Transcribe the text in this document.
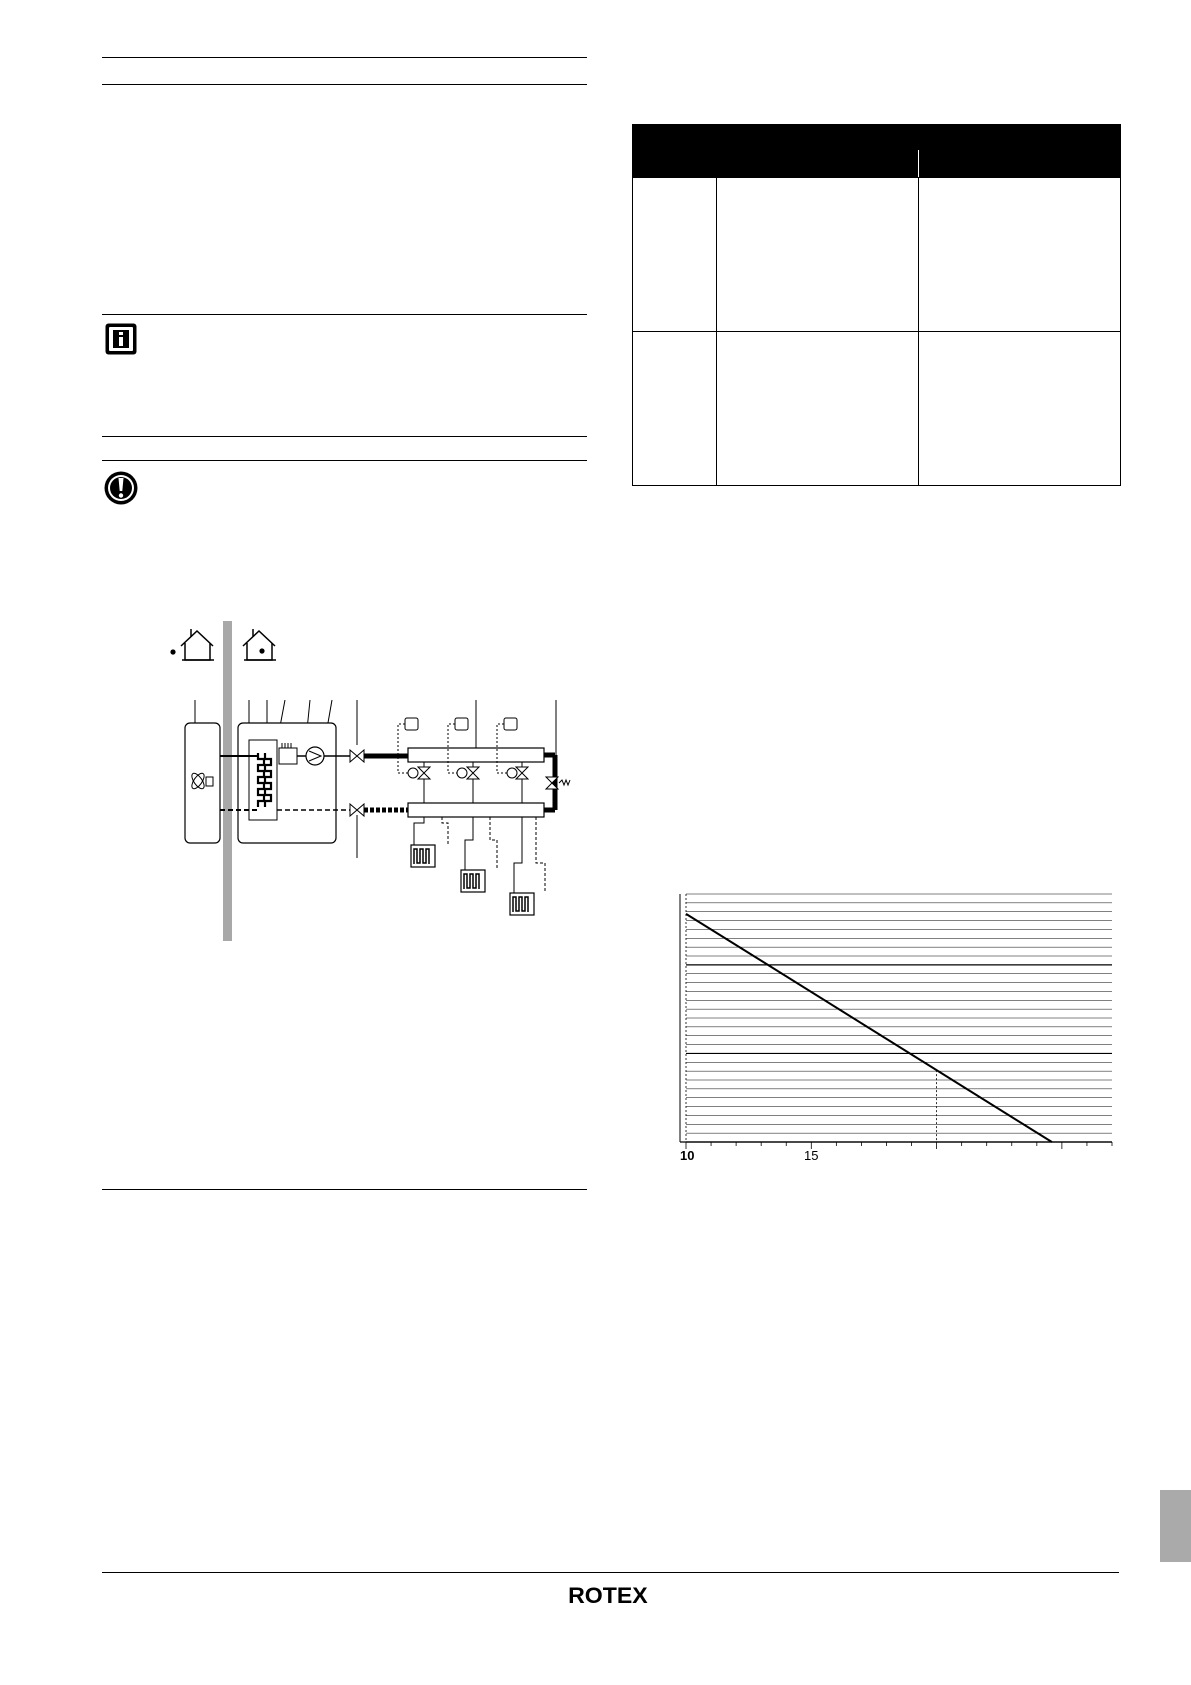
10	15
ROTEX
